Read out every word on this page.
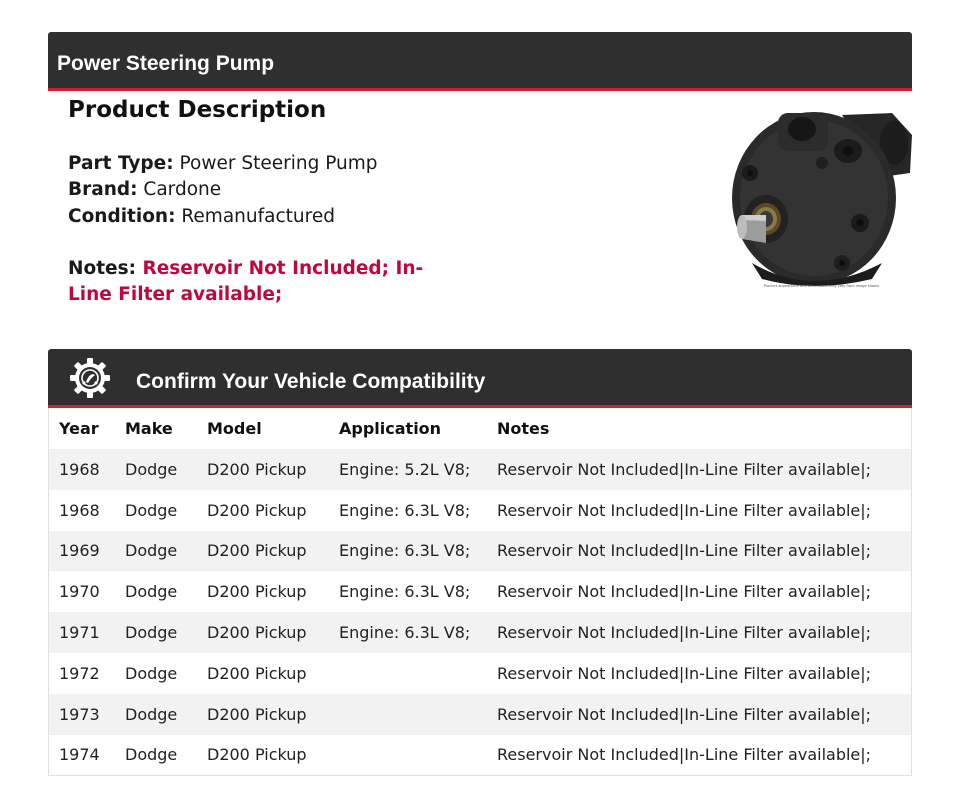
Power Steering Pump
Product Description
Part Type: Power Steering Pump
Brand: Cardone
Condition: Remanufactured
Notes: Reservoir Not Included; In-Line Filter available;	Product appearance and dimensions may vary from image shown.
Confirm Your Vehicle Compatibility
Year	Make	Model	Application	Notes
1968	Dodge	D200 Pickup	Engine: 5.2L V8;	Reservoir Not Included|In-Line Filter available|;
1968	Dodge	D200 Pickup	Engine: 6.3L V8;	Reservoir Not Included|In-Line Filter available|;
1969	Dodge	D200 Pickup	Engine: 6.3L V8;	Reservoir Not Included|In-Line Filter available|;
1970	Dodge	D200 Pickup	Engine: 6.3L V8;	Reservoir Not Included|In-Line Filter available|;
1971	Dodge	D200 Pickup	Engine: 6.3L V8;	Reservoir Not Included|In-Line Filter available|;
1972	Dodge	D200 Pickup		Reservoir Not Included|In-Line Filter available|;
1973	Dodge	D200 Pickup		Reservoir Not Included|In-Line Filter available|;
1974	Dodge	D200 Pickup		Reservoir Not Included|In-Line Filter available|;
